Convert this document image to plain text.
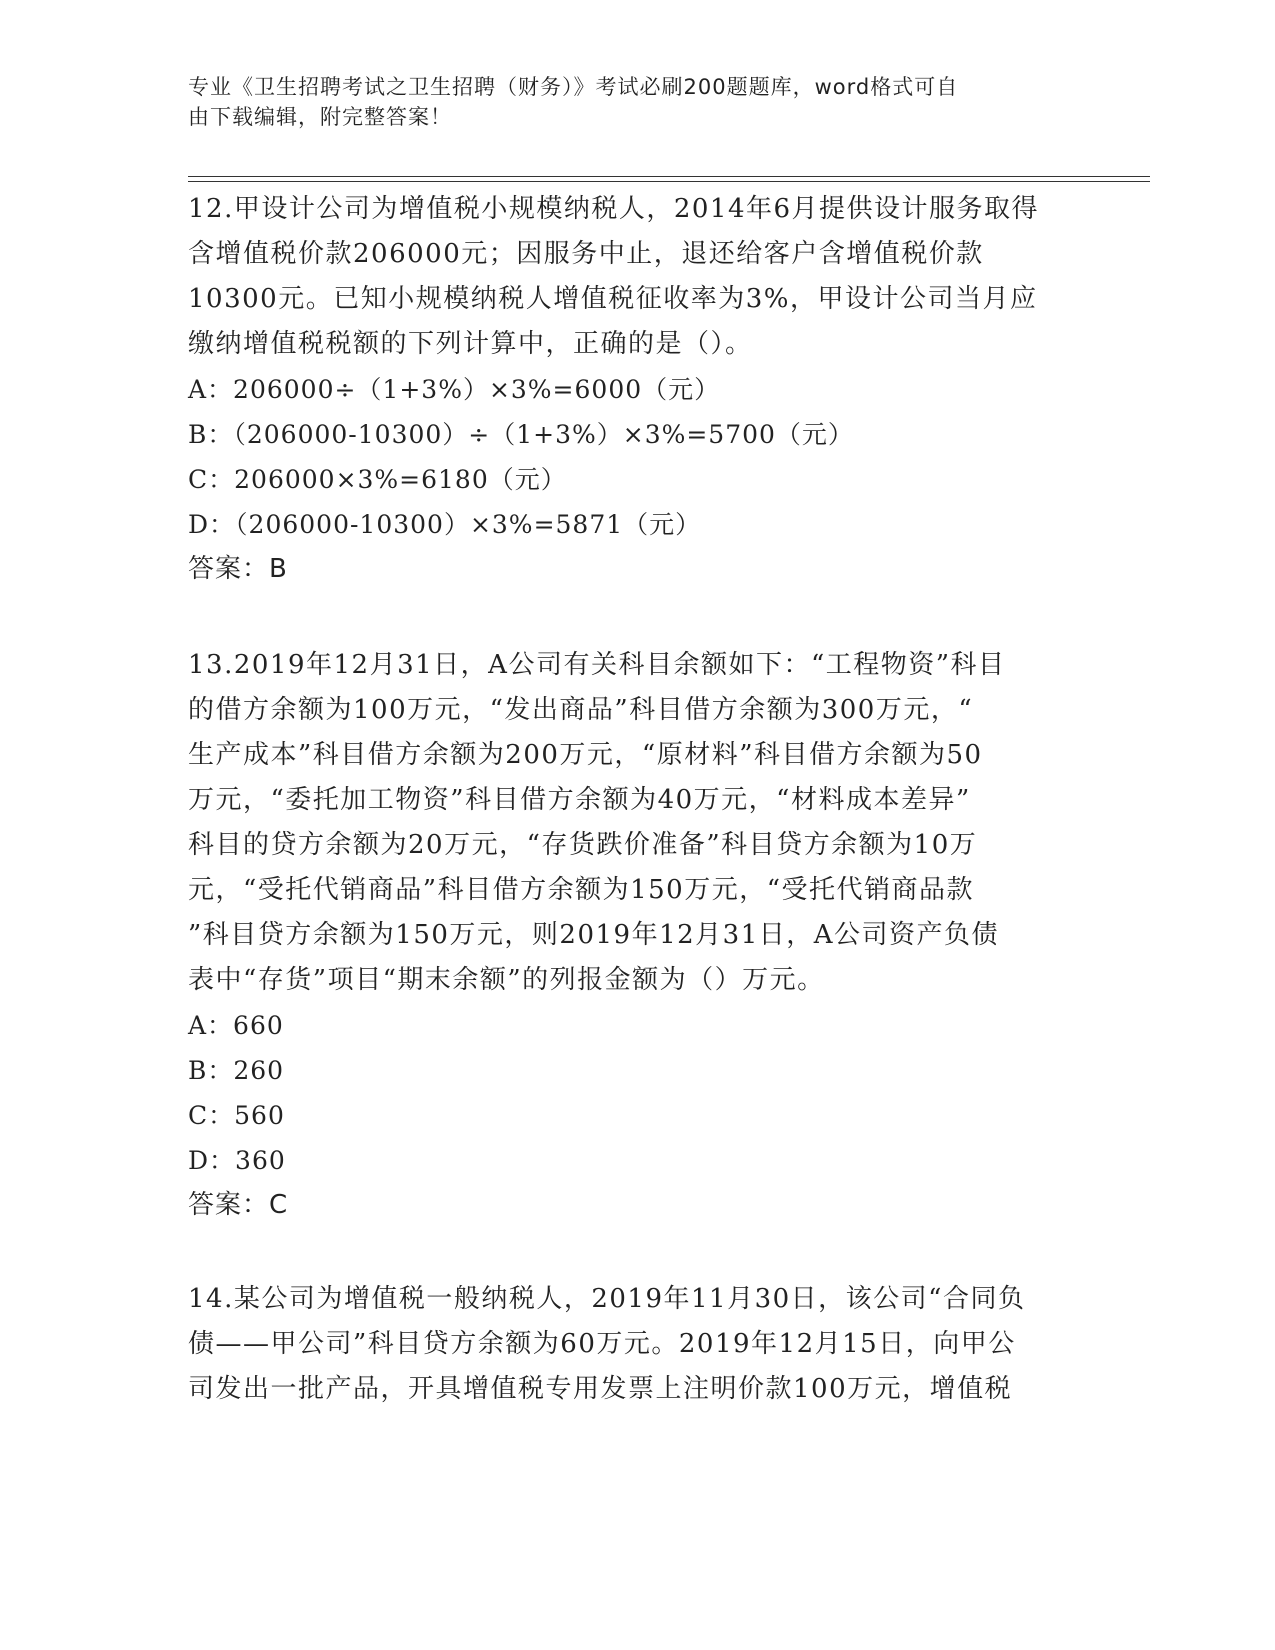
专业《卫生招聘考试之卫生招聘（财务）》考试必刷200题题库，word格式可自
由下载编辑，附完整答案！

12.甲设计公司为增值税小规模纳税人，2014年6月提供设计服务取得

含增值税价款206000元；因服务中止，退还给客户含增值税价款

10300元。已知小规模纳税人增值税征收率为3%，甲设计公司当月应

缴纳增值税税额的下列计算中，正确的是（）。

A：206000÷（1+3%）×3%=6000（元）

B：（206000-10300）÷（1+3%）×3%=5700（元）

C：206000×3%=6180（元）

D：（206000-10300）×3%=5871（元）

答案：B

13.2019年12月31日，A公司有关科目余额如下：“工程物资”科目

的借方余额为100万元，“发出商品”科目借方余额为300万元，“

生产成本”科目借方余额为200万元，“原材料”科目借方余额为50

万元，“委托加工物资”科目借方余额为40万元，“材料成本差异”

科目的贷方余额为20万元，“存货跌价准备”科目贷方余额为10万

元，“受托代销商品”科目借方余额为150万元，“受托代销商品款

”科目贷方余额为150万元，则2019年12月31日，A公司资产负债

表中“存货”项目“期末余额”的列报金额为（）万元。

A：660

B：260

C：560

D：360

答案：C

14.某公司为增值税一般纳税人，2019年11月30日，该公司“合同负

债——甲公司”科目贷方余额为60万元。2019年12月15日，向甲公

司发出一批产品，开具增值税专用发票上注明价款100万元，增值税
